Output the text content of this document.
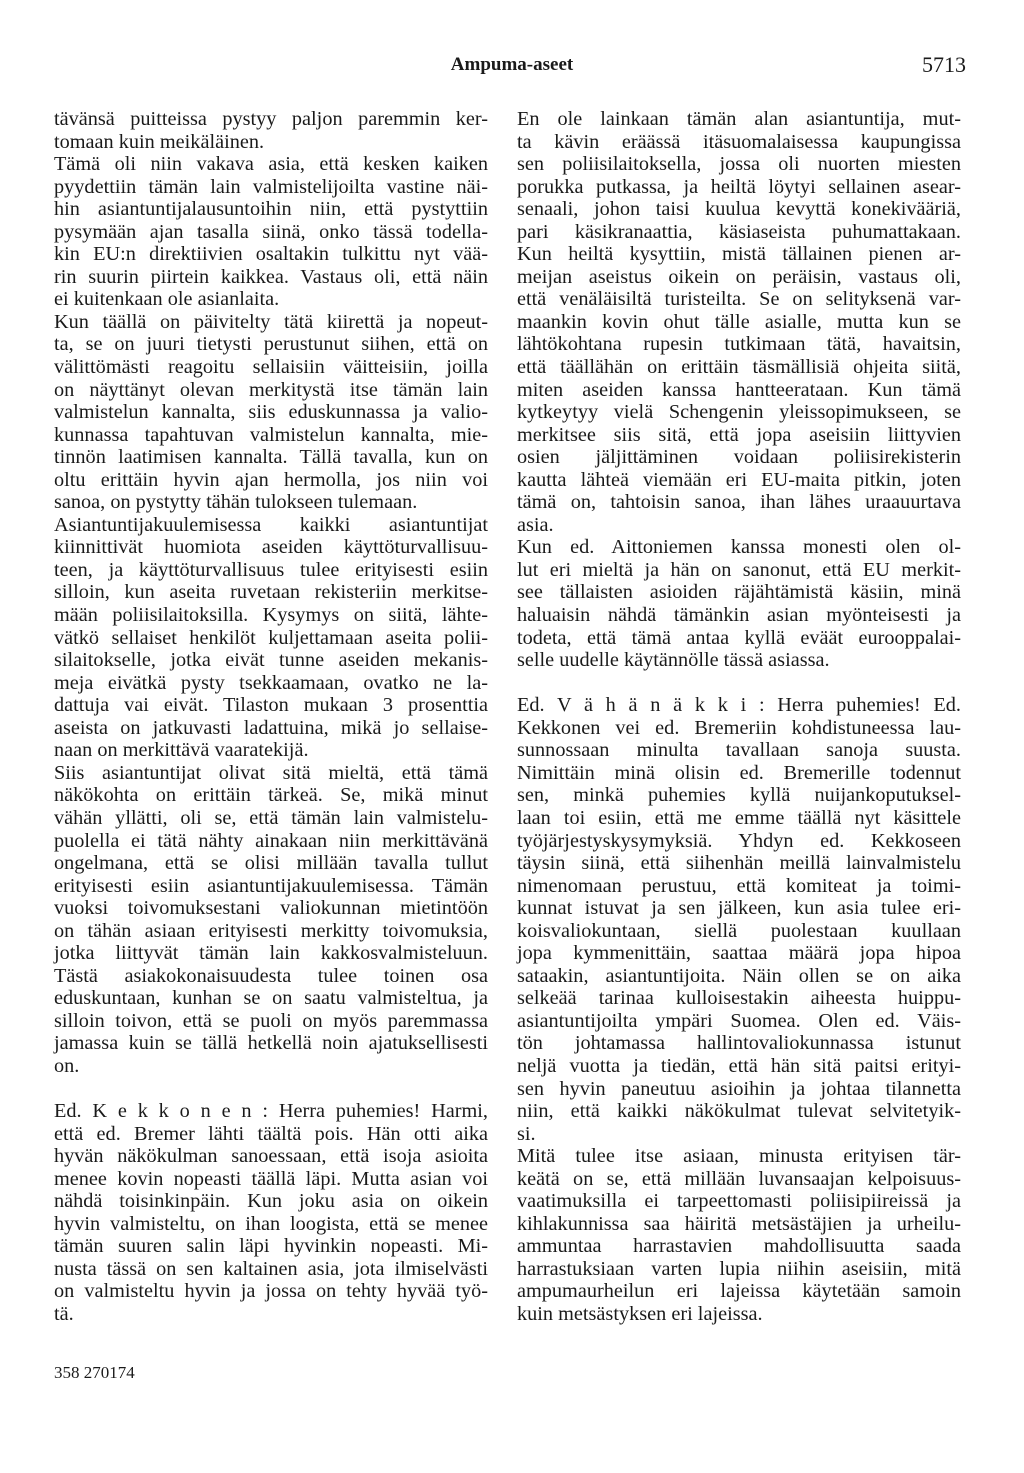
Ampuma-aseet	5713
tävänsä puitteissa pystyy paljon paremmin ker-
tomaan kuin meikäläinen.
Tämä oli niin vakava asia, että kesken kaiken
pyydettiin tämän lain valmistelijoilta vastine näi-
hin asiantuntijalausuntoihin niin, että pystyttiin
pysymään ajan tasalla siinä, onko tässä todella-
kin EU:n direktiivien osaltakin tulkittu nyt vää-
rin suurin piirtein kaikkea. Vastaus oli, että näin
ei kuitenkaan ole asianlaita.
Kun täällä on päivitelty tätä kiirettä ja nopeut-
ta, se on juuri tietysti perustunut siihen, että on
välittömästi reagoitu sellaisiin väitteisiin, joilla
on näyttänyt olevan merkitystä itse tämän lain
valmistelun kannalta, siis eduskunnassa ja valio-
kunnassa tapahtuvan valmistelun kannalta, mie-
tinnön laatimisen kannalta. Tällä tavalla, kun on
oltu erittäin hyvin ajan hermolla, jos niin voi
sanoa, on pystytty tähän tulokseen tulemaan.
Asiantuntijakuulemisessa kaikki asiantuntijat
kiinnittivät huomiota aseiden käyttöturvallisuu-
teen, ja käyttöturvallisuus tulee erityisesti esiin
silloin, kun aseita ruvetaan rekisteriin merkitse-
mään poliisilaitoksilla. Kysymys on siitä, lähte-
vätkö sellaiset henkilöt kuljettamaan aseita polii-
silaitokselle, jotka eivät tunne aseiden mekanis-
meja eivätkä pysty tsekkaamaan, ovatko ne la-
dattuja vai eivät. Tilaston mukaan 3 prosenttia
aseista on jatkuvasti ladattuina, mikä jo sellaise-
naan on merkittävä vaaratekijä.
Siis asiantuntijat olivat sitä mieltä, että tämä
näkökohta on erittäin tärkeä. Se, mikä minut
vähän yllätti, oli se, että tämän lain valmistelu-
puolella ei tätä nähty ainakaan niin merkittävänä
ongelmana, että se olisi millään tavalla tullut
erityisesti esiin asiantuntijakuulemisessa. Tämän
vuoksi toivomuksestani valiokunnan mietintöön
on tähän asiaan erityisesti merkitty toivomuksia,
jotka liittyvät tämän lain kakkosvalmisteluun.
Tästä asiakokonaisuudesta tulee toinen osa
eduskuntaan, kunhan se on saatu valmisteltua, ja
silloin toivon, että se puoli on myös paremmassa
jamassa kuin se tällä hetkellä noin ajatuksellisesti
on.
Ed. K e k k o n e n : Herra puhemies! Harmi,
että ed. Bremer lähti täältä pois. Hän otti aika
hyvän näkökulman sanoessaan, että isoja asioita
menee kovin nopeasti täällä läpi. Mutta asian voi
nähdä toisinkinpäin. Kun joku asia on oikein
hyvin valmisteltu, on ihan loogista, että se menee
tämän suuren salin läpi hyvinkin nopeasti. Mi-
nusta tässä on sen kaltainen asia, jota ilmiselvästi
on valmisteltu hyvin ja jossa on tehty hyvää työ-
tä.
En ole lainkaan tämän alan asiantuntija, mut-
ta kävin eräässä itäsuomalaisessa kaupungissa
sen poliisilaitoksella, jossa oli nuorten miesten
porukka putkassa, ja heiltä löytyi sellainen asear-
senaali, johon taisi kuulua kevyttä konekivääriä,
pari käsikranaattia, käsiaseista puhumattakaan.
Kun heiltä kysyttiin, mistä tällainen pienen ar-
meijan aseistus oikein on peräisin, vastaus oli,
että venäläisiltä turisteilta. Se on selityksenä var-
maankin kovin ohut tälle asialle, mutta kun se
lähtökohtana rupesin tutkimaan tätä, havaitsin,
että täällähän on erittäin täsmällisiä ohjeita siitä,
miten aseiden kanssa hantteerataan. Kun tämä
kytkeytyy vielä Schengenin yleissopimukseen, se
merkitsee siis sitä, että jopa aseisiin liittyvien
osien jäljittäminen voidaan poliisirekisterin
kautta lähteä viemään eri EU-maita pitkin, joten
tämä on, tahtoisin sanoa, ihan lähes uraauurtava
asia.
Kun ed. Aittoniemen kanssa monesti olen ol-
lut eri mieltä ja hän on sanonut, että EU merkit-
see tällaisten asioiden räjähtämistä käsiin, minä
haluaisin nähdä tämänkin asian myönteisesti ja
todeta, että tämä antaa kyllä eväät eurooppalai-
selle uudelle käytännölle tässä asiassa.
Ed. V ä h ä n ä k k i : Herra puhemies! Ed.
Kekkonen vei ed. Bremeriin kohdistuneessa lau-
sunnossaan minulta tavallaan sanoja suusta.
Nimittäin minä olisin ed. Bremerille todennut
sen, minkä puhemies kyllä nuijankoputuksel-
laan toi esiin, että me emme täällä nyt käsittele
työjärjestyskysymyksiä. Yhdyn ed. Kekkoseen
täysin siinä, että siihenhän meillä lainvalmistelu
nimenomaan perustuu, että komiteat ja toimi-
kunnat istuvat ja sen jälkeen, kun asia tulee eri-
koisvaliokuntaan, siellä puolestaan kuullaan
jopa kymmenittäin, saattaa määrä jopa hipoa
sataakin, asiantuntijoita. Näin ollen se on aika
selkeää tarinaa kulloisestakin aiheesta huippu-
asiantuntijoilta ympäri Suomea. Olen ed. Väis-
tön johtamassa hallintovaliokunnassa istunut
neljä vuotta ja tiedän, että hän sitä paitsi erityi-
sen hyvin paneutuu asioihin ja johtaa tilannetta
niin, että kaikki näkökulmat tulevat selvitetyik-
si.
Mitä tulee itse asiaan, minusta erityisen tär-
keätä on se, että millään luvansaajan kelpoisuus-
vaatimuksilla ei tarpeettomasti poliisipiireissä ja
kihlakunnissa saa häiritä metsästäjien ja urheilu-
ammuntaa harrastavien mahdollisuutta saada
harrastuksiaan varten lupia niihin aseisiin, mitä
ampumaurheilun eri lajeissa käytetään samoin
kuin metsästyksen eri lajeissa.
358 270174
